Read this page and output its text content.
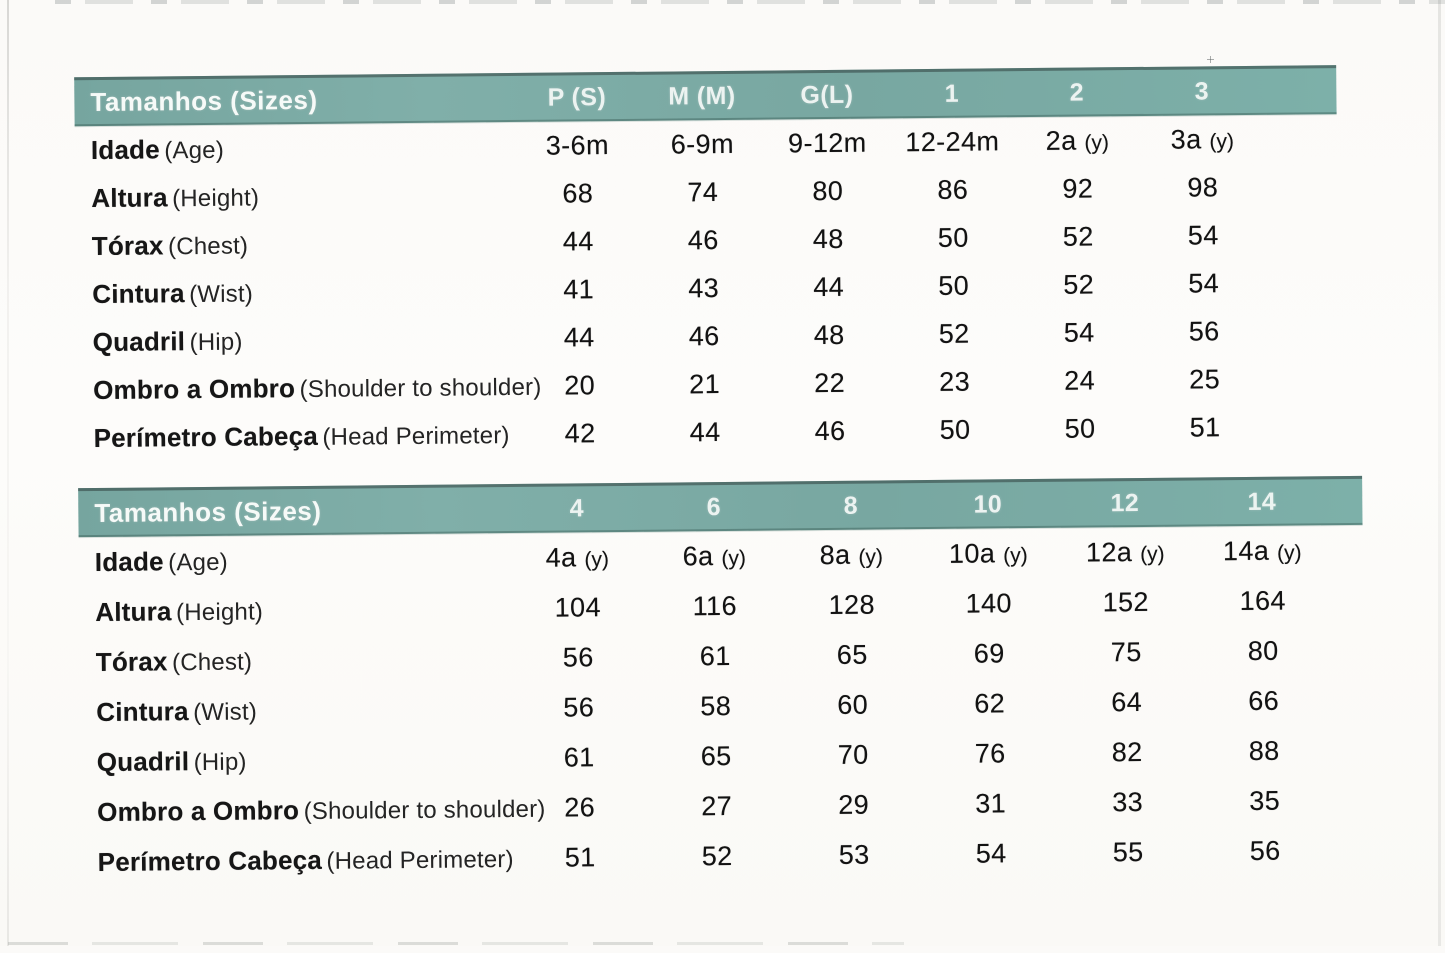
Tamanhos (Sizes)	P (S)	M (M)	G(L)	1	2	3
Idade (Age)	3-6m	6-9m	9-12m	12-24m	2a (y)	3a (y)
Altura (Height)	68	74	80	86	92	98
Tórax (Chest)	44	46	48	50	52	54
Cintura (Wist)	41	43	44	50	52	54
Quadril (Hip)	44	46	48	52	54	56
Ombro a Ombro (Shoulder to shoulder) 20	21	22	23	24	25
Perímetro Cabeça (Head Perimeter)	42	44	46	50	50	51
Tamanhos (Sizes)	4	6	8	10	12	14
Idade (Age)	4a (y)	6a (y)	8a (y)	10a (y)	12a (y)	14a (y)
Altura (Height)	104	116	128	140	152	164
Tórax (Chest)	56	61	65	69	75	80
Cintura (Wist)	56	58	60	62	64	66
Quadril (Hip)	61	65	70	76	82	88
Ombro a Ombro (Shoulder to shoulder) 26	27	29	31	33	35
Perímetro Cabeça (Head Perimeter)	51	52	53	54	55	56
